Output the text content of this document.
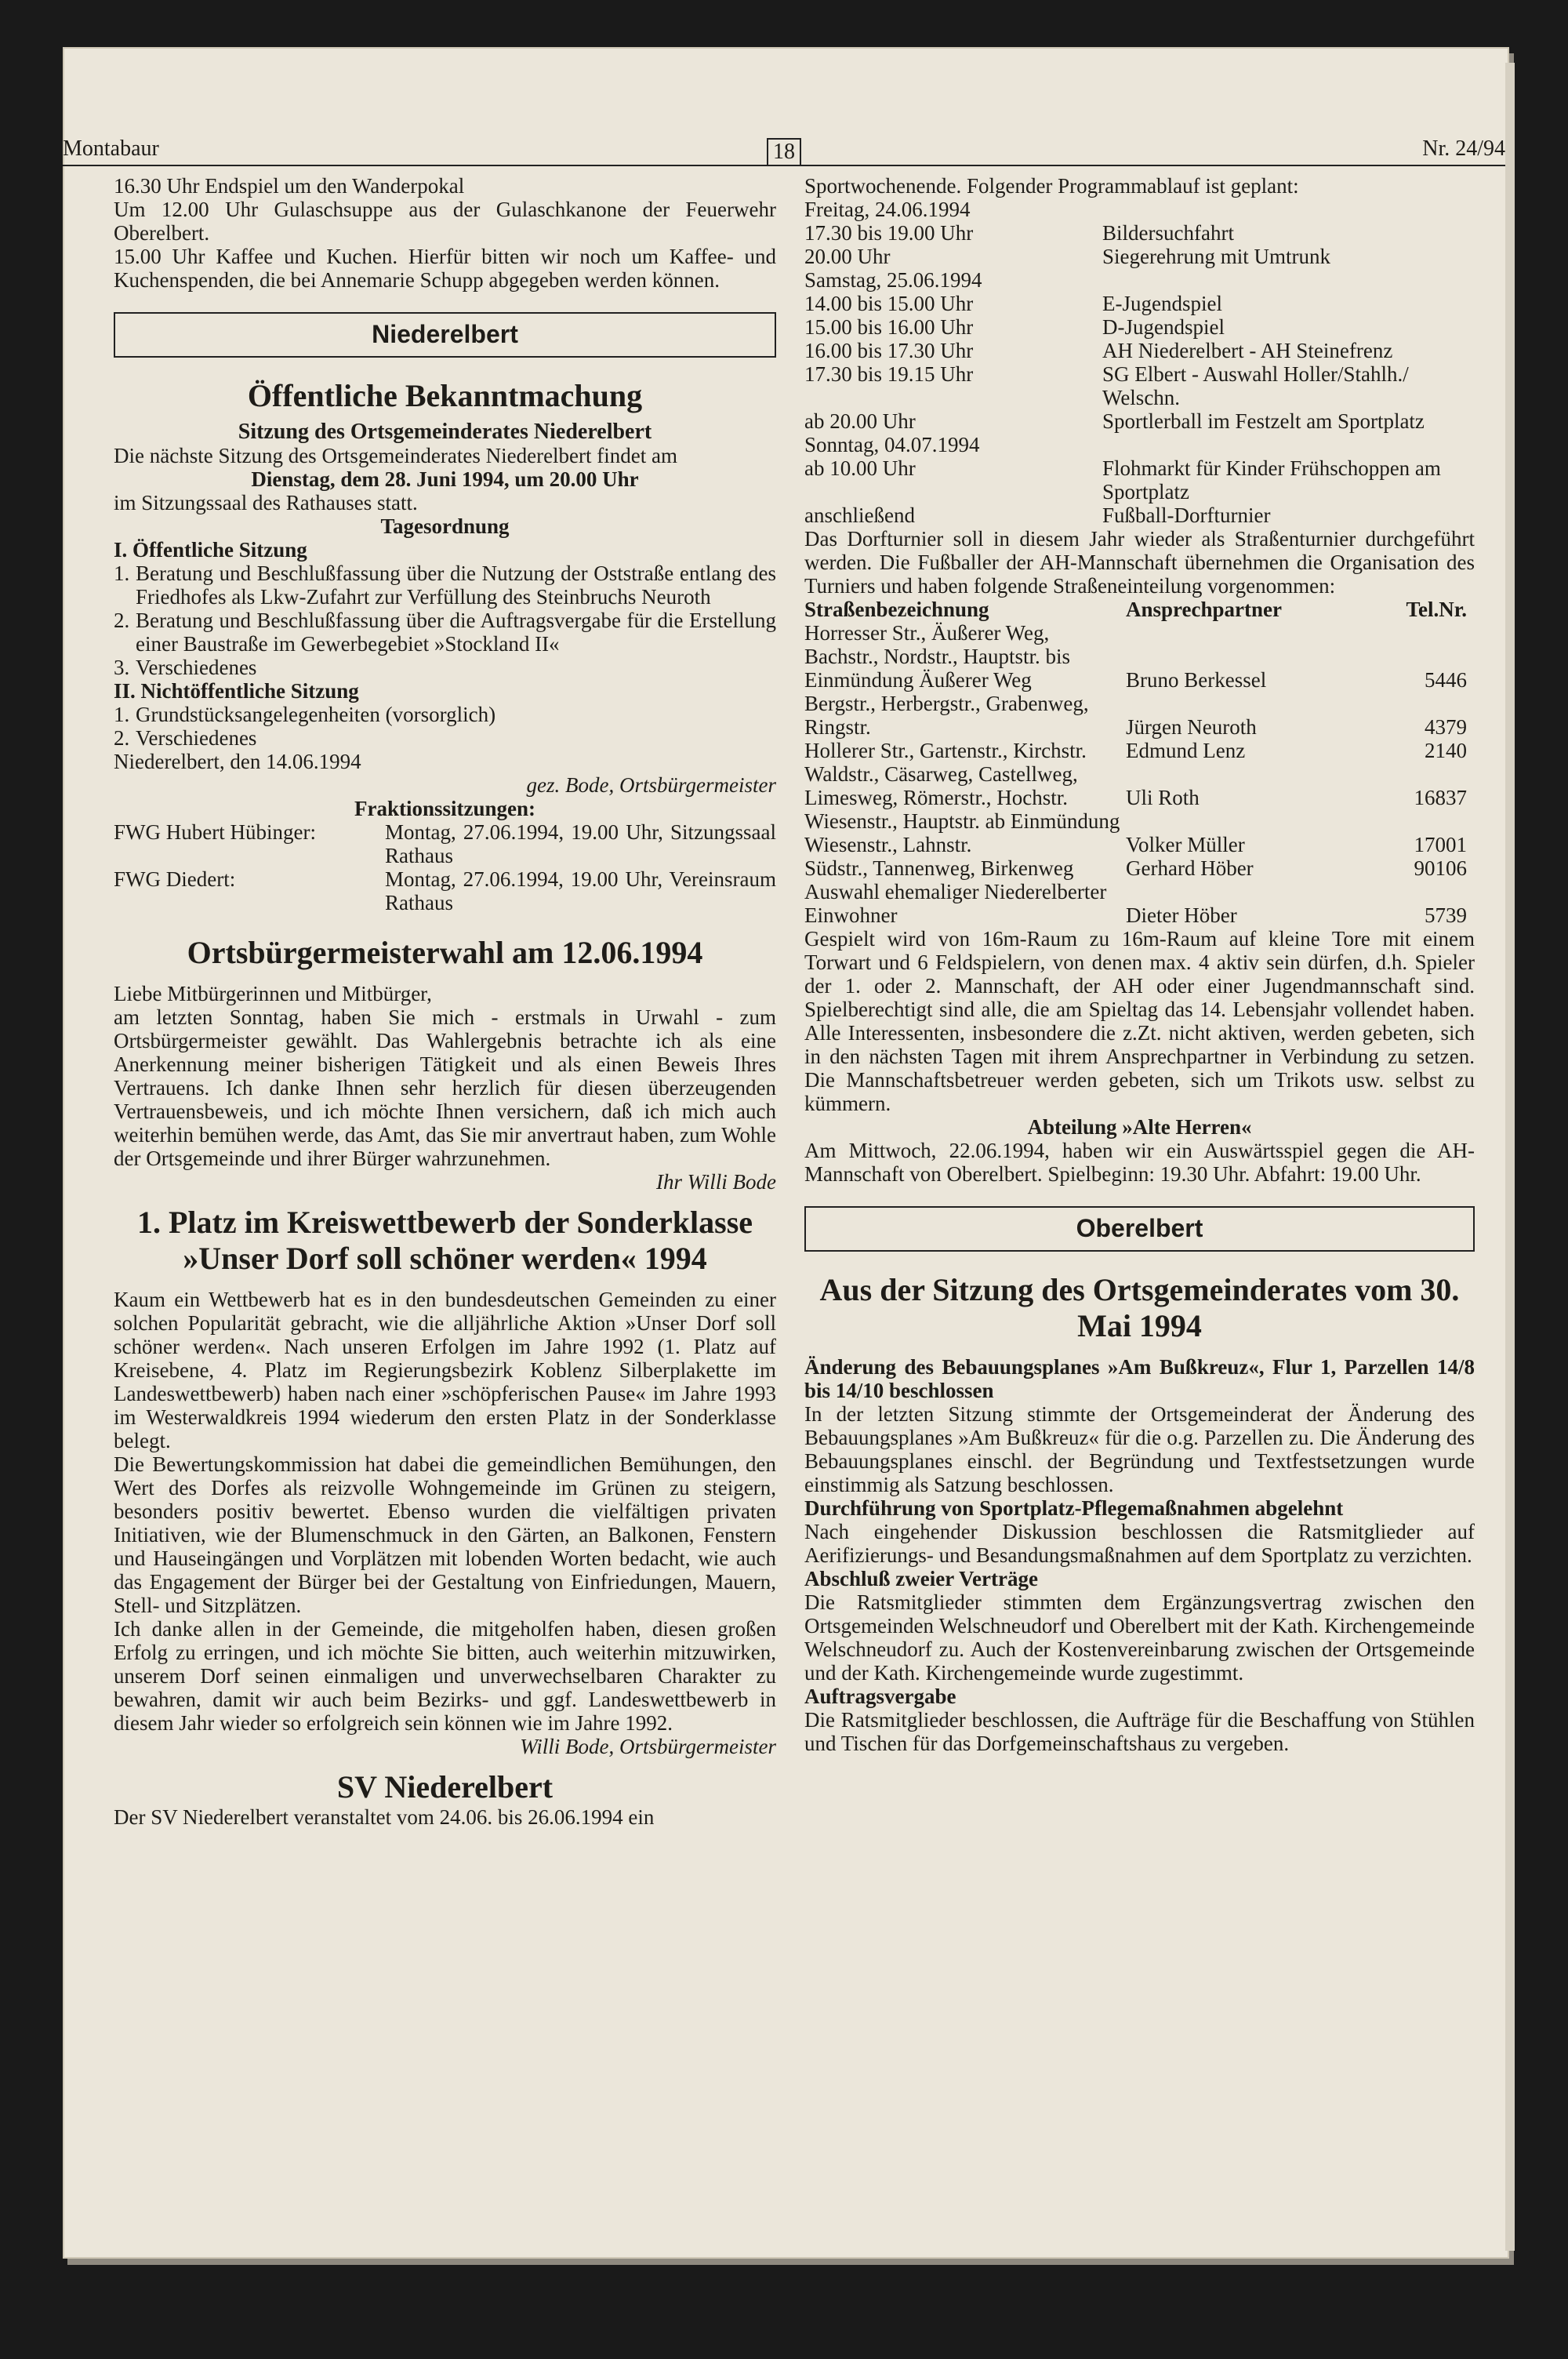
Montabaur	18	Nr. 24/94

16.30 Uhr Endspiel um den Wanderpokal

Um 12.00 Uhr Gulaschsuppe aus der Gulaschkanone der Feuerwehr Oberelbert.

15.00 Uhr Kaffee und Kuchen. Hierfür bitten wir noch um Kaffee- und Kuchenspenden, die bei Annemarie Schupp abgegeben werden können.

Niederelbert
Öffentliche Bekanntmachung
Sitzung des Ortsgemeinderates Niederelbert

Die nächste Sitzung des Ortsgemeinderates Niederelbert findet am

Dienstag, dem 28. Juni 1994, um 20.00 Uhr

im Sitzungssaal des Rathauses statt.

Tagesordnung

I. Öffentliche Sitzung

1. Beratung und Beschlußfassung über die Nutzung der Oststraße entlang des Friedhofes als Lkw-Zufahrt zur Verfüllung des Steinbruchs Neuroth

2. Beratung und Beschlußfassung über die Auftragsvergabe für die Erstellung einer Baustraße im Gewerbegebiet »Stockland II«

3. Verschiedenes

II. Nichtöffentliche Sitzung

1. Grundstücksangelegenheiten (vorsorglich)

2. Verschiedenes

Niederelbert, den 14.06.1994

gez. Bode, Ortsbürgermeister

Fraktionssitzungen:

FWG Hubert Hübinger:	Montag, 27.06.1994, 19.00 Uhr, Sitzungssaal Rathaus

FWG Diedert:	Montag, 27.06.1994, 19.00 Uhr, Vereinsraum Rathaus

Ortsbürgermeisterwahl am 12.06.1994

Liebe Mitbürgerinnen und Mitbürger,

am letzten Sonntag, haben Sie mich - erstmals in Urwahl - zum Ortsbürgermeister gewählt. Das Wahlergebnis betrachte ich als eine Anerkennung meiner bisherigen Tätigkeit und als einen Beweis Ihres Vertrauens. Ich danke Ihnen sehr herzlich für diesen überzeugenden Vertrauensbeweis, und ich möchte Ihnen versichern, daß ich mich auch weiterhin bemühen werde, das Amt, das Sie mir anvertraut haben, zum Wohle der Ortsgemeinde und ihrer Bürger wahrzunehmen.

Ihr Willi Bode

1. Platz im Kreiswettbewerb der Sonderklasse »Unser Dorf soll schöner werden« 1994

Kaum ein Wettbewerb hat es in den bundesdeutschen Gemeinden zu einer solchen Popularität gebracht, wie die alljährliche Aktion »Unser Dorf soll schöner werden«. Nach unseren Erfolgen im Jahre 1992 (1. Platz auf Kreisebene, 4. Platz im Regierungsbezirk Koblenz Silberplakette im Landeswettbewerb) haben nach einer »schöpferischen Pause« im Jahre 1993 im Westerwaldkreis 1994 wiederum den ersten Platz in der Sonderklasse belegt.

Die Bewertungskommission hat dabei die gemeindlichen Bemühungen, den Wert des Dorfes als reizvolle Wohngemeinde im Grünen zu steigern, besonders positiv bewertet. Ebenso wurden die vielfältigen privaten Initiativen, wie der Blumenschmuck in den Gärten, an Balkonen, Fenstern und Hauseingängen und Vorplätzen mit lobenden Worten bedacht, wie auch das Engagement der Bürger bei der Gestaltung von Einfriedungen, Mauern, Stell- und Sitzplätzen.

Ich danke allen in der Gemeinde, die mitgeholfen haben, diesen großen Erfolg zu erringen, und ich möchte Sie bitten, auch weiterhin mitzuwirken, unserem Dorf seinen einmaligen und unverwechselbaren Charakter zu bewahren, damit wir auch beim Bezirks- und ggf. Landeswettbewerb in diesem Jahr wieder so erfolgreich sein können wie im Jahre 1992.

Willi Bode, Ortsbürgermeister

SV Niederelbert

Der SV Niederelbert veranstaltet vom 24.06. bis 26.06.1994 ein

Sportwochenende. Folgender Programmablauf ist geplant:

Freitag, 24.06.1994
17.30 bis 19.00 Uhr	Bildersuchfahrt
20.00 Uhr	Siegerehrung mit Umtrunk
Samstag, 25.06.1994
14.00 bis 15.00 Uhr	E-Jugendspiel
15.00 bis 16.00 Uhr	D-Jugendspiel
16.00 bis 17.30 Uhr	AH Niederelbert - AH Steinefrenz
17.30 bis 19.15 Uhr	SG Elbert - Auswahl Holler/Stahlh./ Welschn.
ab 20.00 Uhr	Sportlerball im Festzelt am Sportplatz
Sonntag, 04.07.1994
ab 10.00 Uhr	Flohmarkt für Kinder Frühschoppen am Sportplatz
anschließend	Fußball-Dorfturnier

Das Dorfturnier soll in diesem Jahr wieder als Straßenturnier durchgeführt werden. Die Fußballer der AH-Mannschaft übernehmen die Organisation des Turniers und haben folgende Straßeneinteilung vorgenommen:

Straßenbezeichnung	Ansprechpartner	Tel.Nr.
Horresser Str., Äußerer Weg, Bachstr., Nordstr., Hauptstr. bis Einmündung Äußerer Weg	Bruno Berkessel	5446
Bergstr., Herbergstr., Grabenweg, Ringstr.	Jürgen Neuroth	4379
Hollerer Str., Gartenstr., Kirchstr.	Edmund Lenz	2140
Waldstr., Cäsarweg, Castellweg, Limesweg, Römerstr., Hochstr.	Uli Roth	16837
Wiesenstr., Hauptstr. ab Einmündung Wiesenstr., Lahnstr.	Volker Müller	17001
Südstr., Tannenweg, Birkenweg	Gerhard Höber	90106
Auswahl ehemaliger Niederelberter Einwohner	Dieter Höber	5739

Gespielt wird von 16m-Raum zu 16m-Raum auf kleine Tore mit einem Torwart und 6 Feldspielern, von denen max. 4 aktiv sein dürfen, d.h. Spieler der 1. oder 2. Mannschaft, der AH oder einer Jugendmannschaft sind. Spielberechtigt sind alle, die am Spieltag das 14. Lebensjahr vollendet haben. Alle Interessenten, insbesondere die z.Zt. nicht aktiven, werden gebeten, sich in den nächsten Tagen mit ihrem Ansprechpartner in Verbindung zu setzen. Die Mannschaftsbetreuer werden gebeten, sich um Trikots usw. selbst zu kümmern.

Abteilung »Alte Herren«

Am Mittwoch, 22.06.1994, haben wir ein Auswärtsspiel gegen die AH-Mannschaft von Oberelbert. Spielbeginn: 19.30 Uhr. Abfahrt: 19.00 Uhr.

Oberelbert
Aus der Sitzung des Ortsgemeinderates vom 30. Mai 1994

Änderung des Bebauungsplanes »Am Bußkreuz«, Flur 1, Parzellen 14/8 bis 14/10 beschlossen

In der letzten Sitzung stimmte der Ortsgemeinderat der Änderung des Bebauungsplanes »Am Bußkreuz« für die o.g. Parzellen zu. Die Änderung des Bebauungsplanes einschl. der Begründung und Textfestsetzungen wurde einstimmig als Satzung beschlossen.

Durchführung von Sportplatz-Pflegemaßnahmen abgelehnt

Nach eingehender Diskussion beschlossen die Ratsmitglieder auf Aerifizierungs- und Besandungsmaßnahmen auf dem Sportplatz zu verzichten.

Abschluß zweier Verträge

Die Ratsmitglieder stimmten dem Ergänzungsvertrag zwischen den Ortsgemeinden Welschneudorf und Oberelbert mit der Kath. Kirchengemeinde Welschneudorf zu. Auch der Kostenvereinbarung zwischen der Ortsgemeinde und der Kath. Kirchengemeinde wurde zugestimmt.

Auftragsvergabe

Die Ratsmitglieder beschlossen, die Aufträge für die Beschaffung von Stühlen und Tischen für das Dorfgemeinschaftshaus zu vergeben.
